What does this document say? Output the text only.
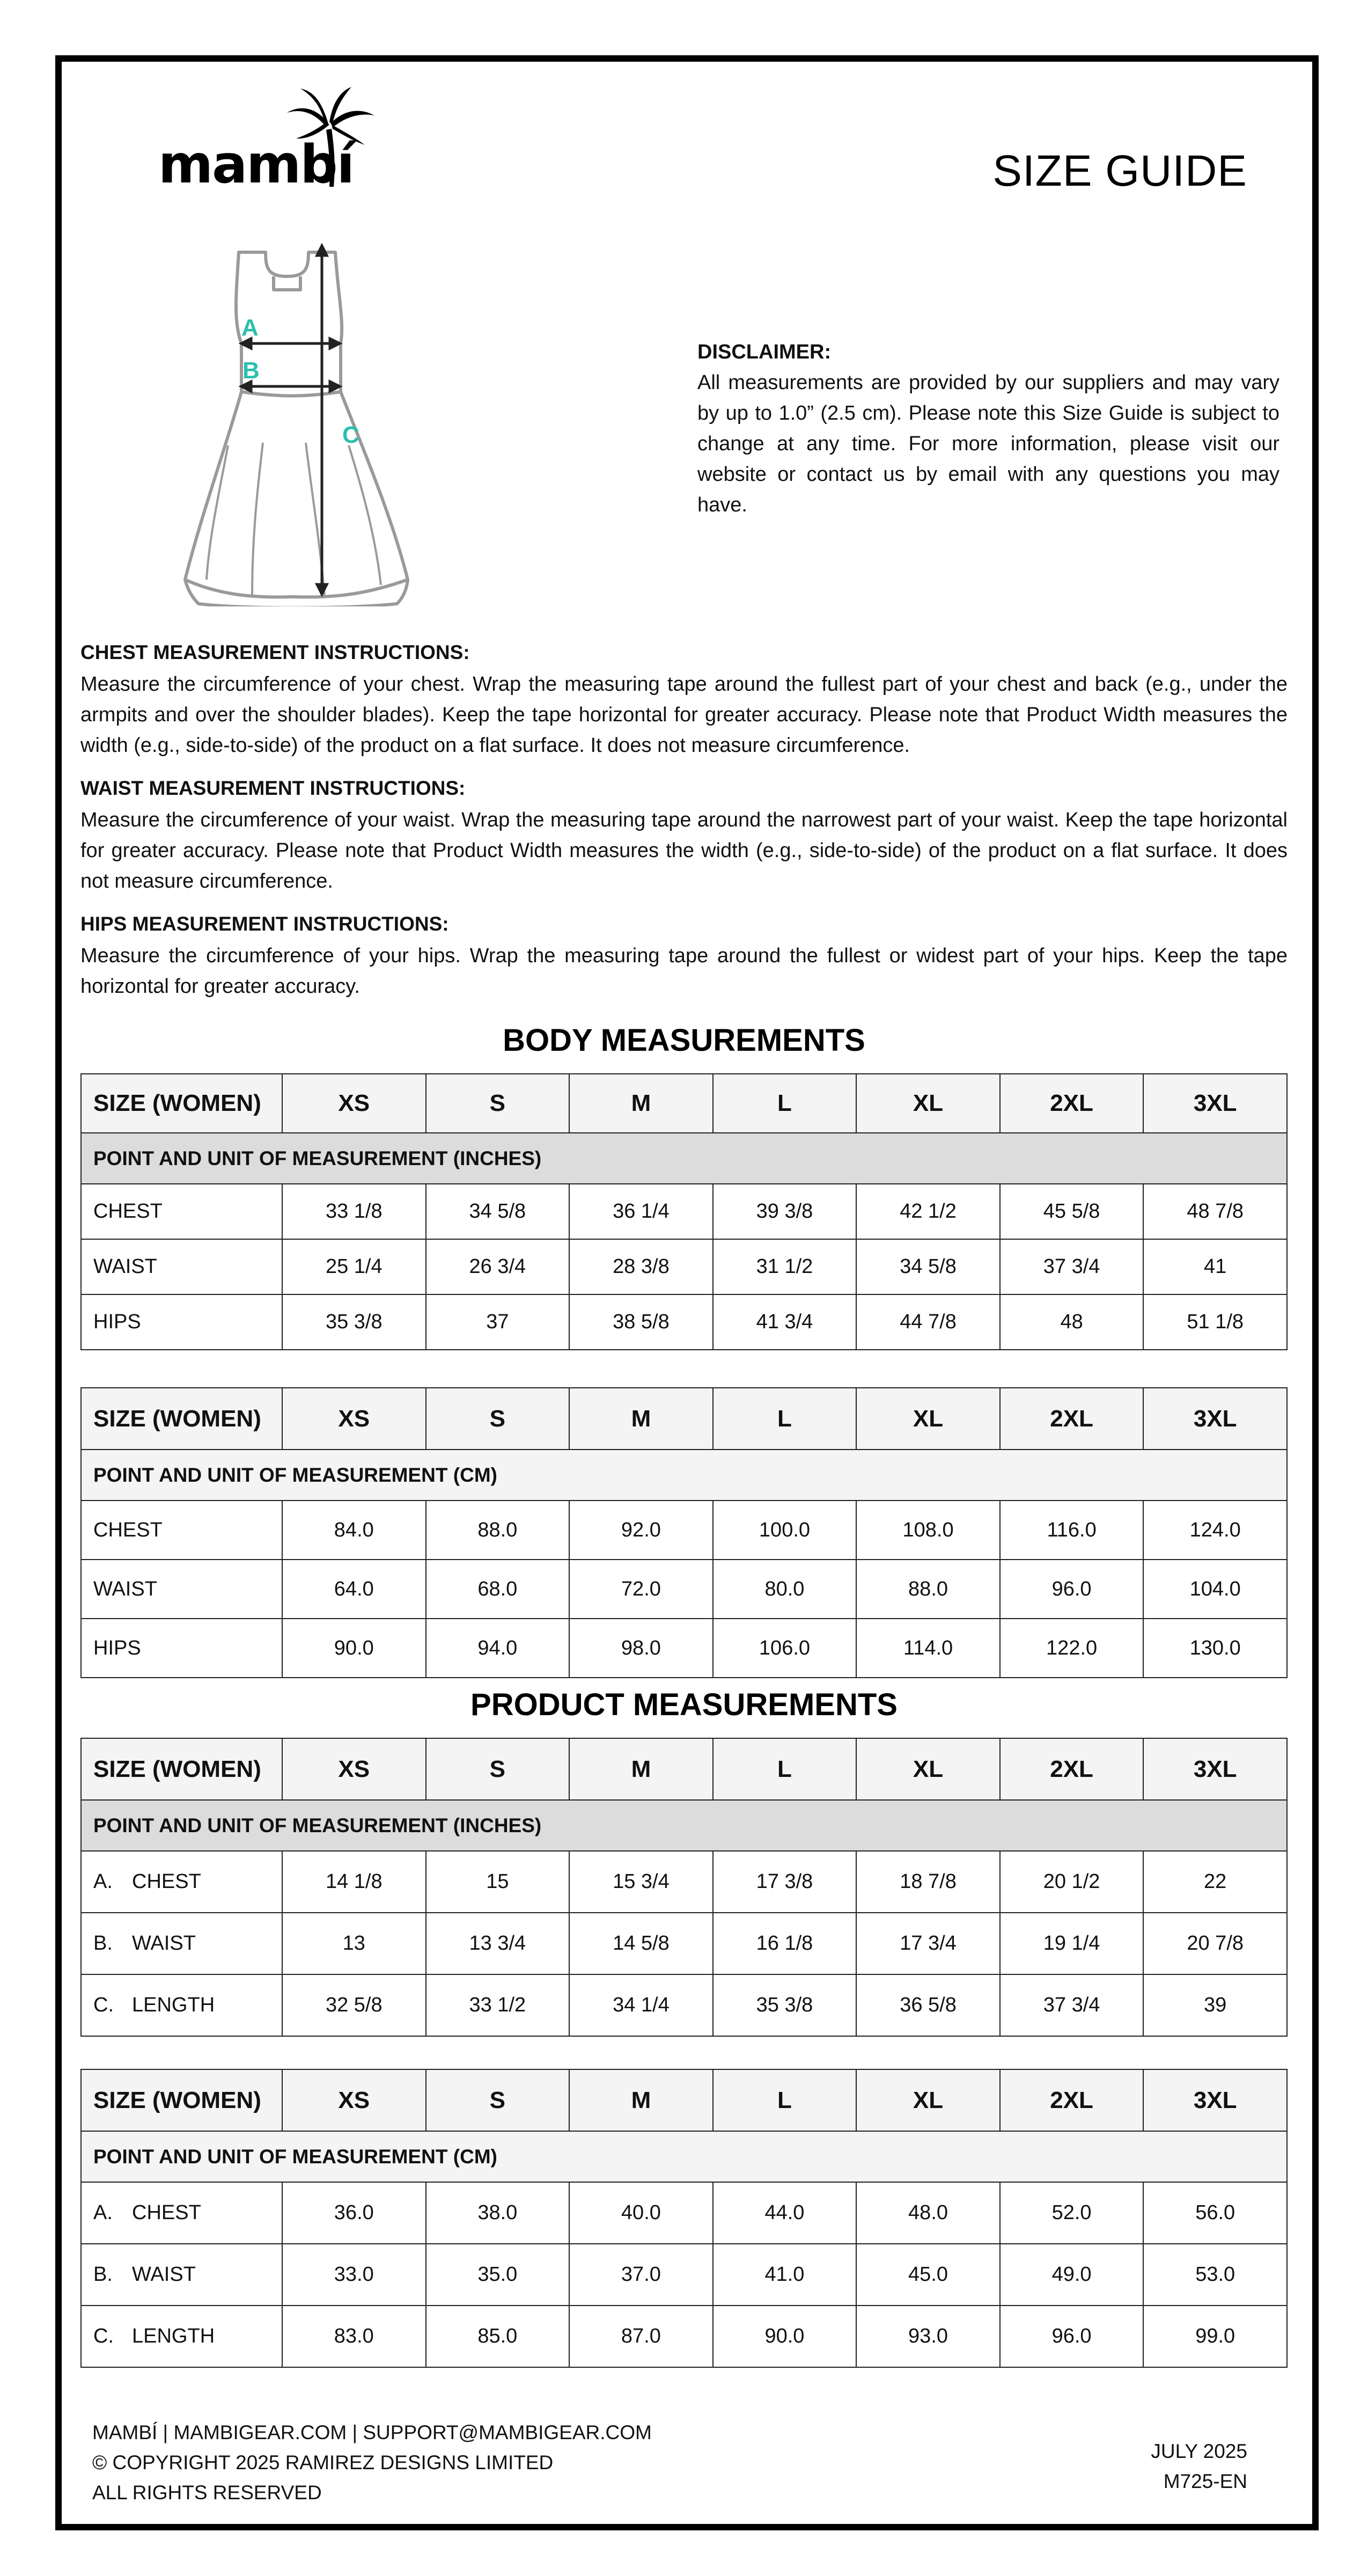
mambí	SIZE GUIDE
A
B
C
DISCLAIMER:
All measurements are provided by our suppliers and may vary by up to 1.0” (2.5 cm). Please note this Size Guide is subject to change at any time. For more information, please visit our website or contact us by email with any questions you may have.
CHEST MEASUREMENT INSTRUCTIONS:
Measure the circumference of your chest. Wrap the measuring tape around the fullest part of your chest and back (e.g., under the armpits and over the shoulder blades). Keep the tape horizontal for greater accuracy. Please note that Product Width measures the width (e.g., side-to-side) of the product on a flat surface. It does not measure circumference.
WAIST MEASUREMENT INSTRUCTIONS:
Measure the circumference of your waist. Wrap the measuring tape around the narrowest part of your waist. Keep the tape horizontal for greater accuracy. Please note that Product Width measures the width (e.g., side-to-side) of the product on a flat surface. It does not measure circumference.
HIPS MEASUREMENT INSTRUCTIONS:
Measure the circumference of your hips. Wrap the measuring tape around the fullest or widest part of your hips. Keep the tape horizontal for greater accuracy.
BODY MEASUREMENTS
SIZE (WOMEN)	XS	S	M	L	XL	2XL	3XL
POINT AND UNIT OF MEASUREMENT (INCHES)							
CHEST	33 1/8	34 5/8	36 1/4	39 3/8	42 1/2	45 5/8	48 7/8
WAIST	25 1/4	26 3/4	28 3/8	31 1/2	34 5/8	37 3/4	41
HIPS	35 3/8	37	38 5/8	41 3/4	44 7/8	48	51 1/8
SIZE (WOMEN)	XS	S	M	L	XL	2XL	3XL
POINT AND UNIT OF MEASUREMENT (CM)							
CHEST	84.0	88.0	92.0	100.0	108.0	116.0	124.0
WAIST	64.0	68.0	72.0	80.0	88.0	96.0	104.0
HIPS	90.0	94.0	98.0	106.0	114.0	122.0	130.0
PRODUCT MEASUREMENTS
SIZE (WOMEN)	XS	S	M	L	XL	2XL	3XL
POINT AND UNIT OF MEASUREMENT (INCHES)							
A. CHEST	14 1/8	15	15 3/4	17 3/8	18 7/8	20 1/2	22
B. WAIST	13	13 3/4	14 5/8	16 1/8	17 3/4	19 1/4	20 7/8
C. LENGTH	32 5/8	33 1/2	34 1/4	35 3/8	36 5/8	37 3/4	39
SIZE (WOMEN)	XS	S	M	L	XL	2XL	3XL
POINT AND UNIT OF MEASUREMENT (CM)							
A. CHEST	36.0	38.0	40.0	44.0	48.0	52.0	56.0
B. WAIST	33.0	35.0	37.0	41.0	45.0	49.0	53.0
C. LENGTH	83.0	85.0	87.0	90.0	93.0	96.0	99.0
MAMBÍ | MAMBIGEAR.COM | SUPPORT@MAMBIGEAR.COM
© COPYRIGHT 2025 RAMIREZ DESIGNS LIMITED
ALL RIGHTS RESERVED
JULY 2025
M725-EN
